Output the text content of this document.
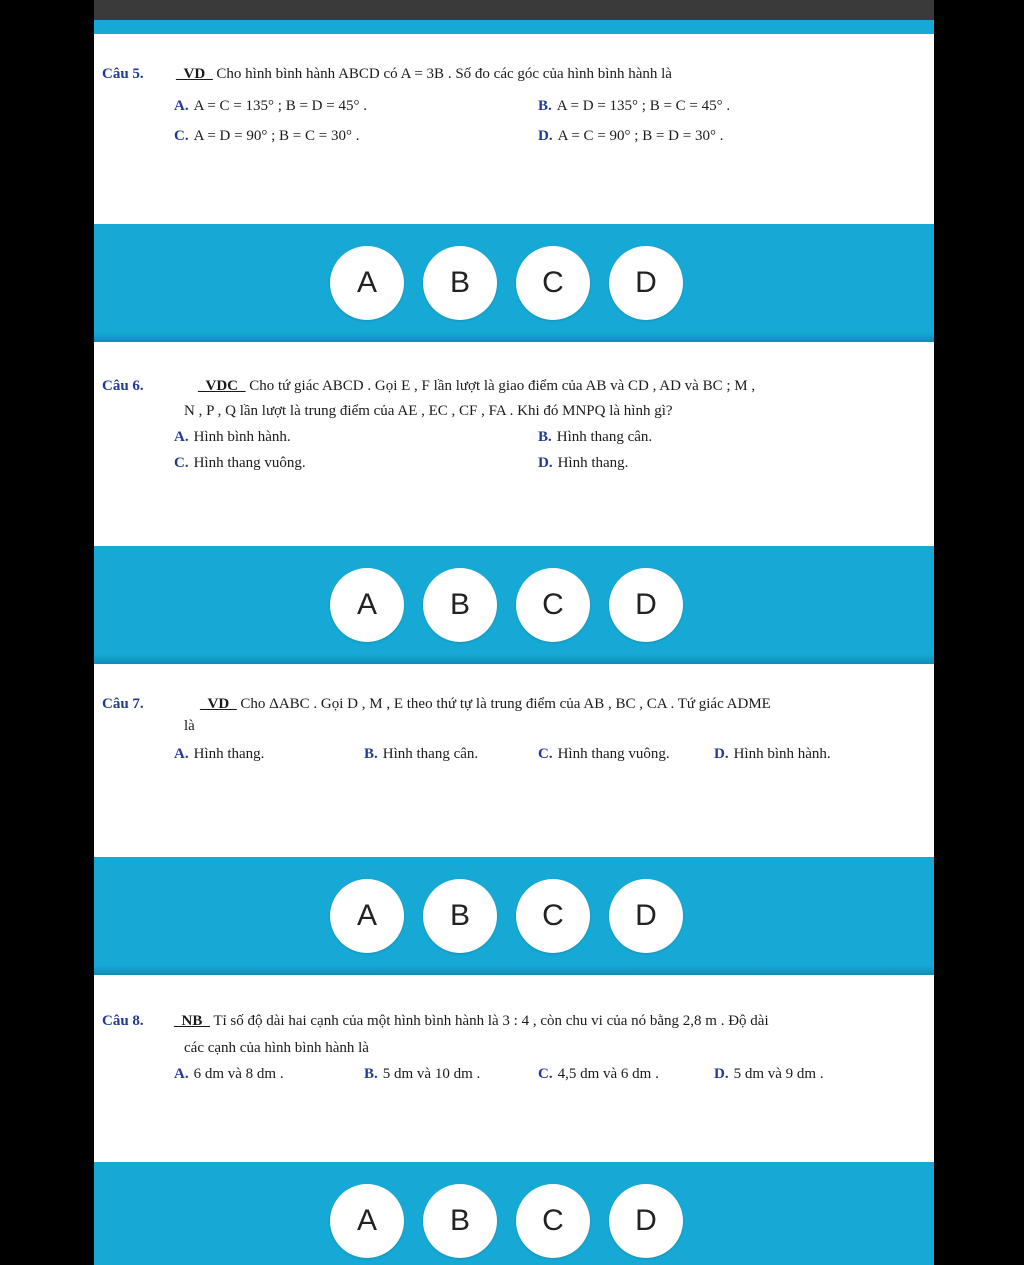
Câu 5. _VD_ Cho hình bình hành ABCD có A = 3B . Số đo các góc của hình bình hành là
A. A = C = 135° ; B = D = 45° .	B. A = D = 135° ; B = C = 45° .
C. A = D = 90° ; B = C = 30° .	D. A = C = 90° ; B = D = 30° .
A	B	C	D
Câu 6.	_VDC_ Cho tứ giác ABCD . Gọi E , F lần lượt là giao điểm của AB và CD , AD và BC ; M ,
N , P , Q lần lượt là trung điểm của AE , EC , CF , FA . Khi đó MNPQ là hình gì?
A. Hình bình hành.	B. Hình thang cân.
C. Hình thang vuông.	D. Hình thang.
A	B	C	D
Câu 7.	_VD_ Cho ΔABC . Gọi D , M , E theo thứ tự là trung điểm của AB , BC , CA . Tứ giác ADME
là
A. Hình thang.	B. Hình thang cân.	C. Hình thang vuông.	D. Hình bình hành.
A	B	C	D
Câu 8. _NB_ Tỉ số độ dài hai cạnh của một hình bình hành là 3 : 4 , còn chu vi của nó bằng 2,8 m . Độ dài
các cạnh của hình bình hành là
A. 6 dm và 8 dm .	B. 5 dm và 10 dm .	C. 4,5 dm và 6 dm .	D. 5 dm và 9 dm .
A	B	C	D
